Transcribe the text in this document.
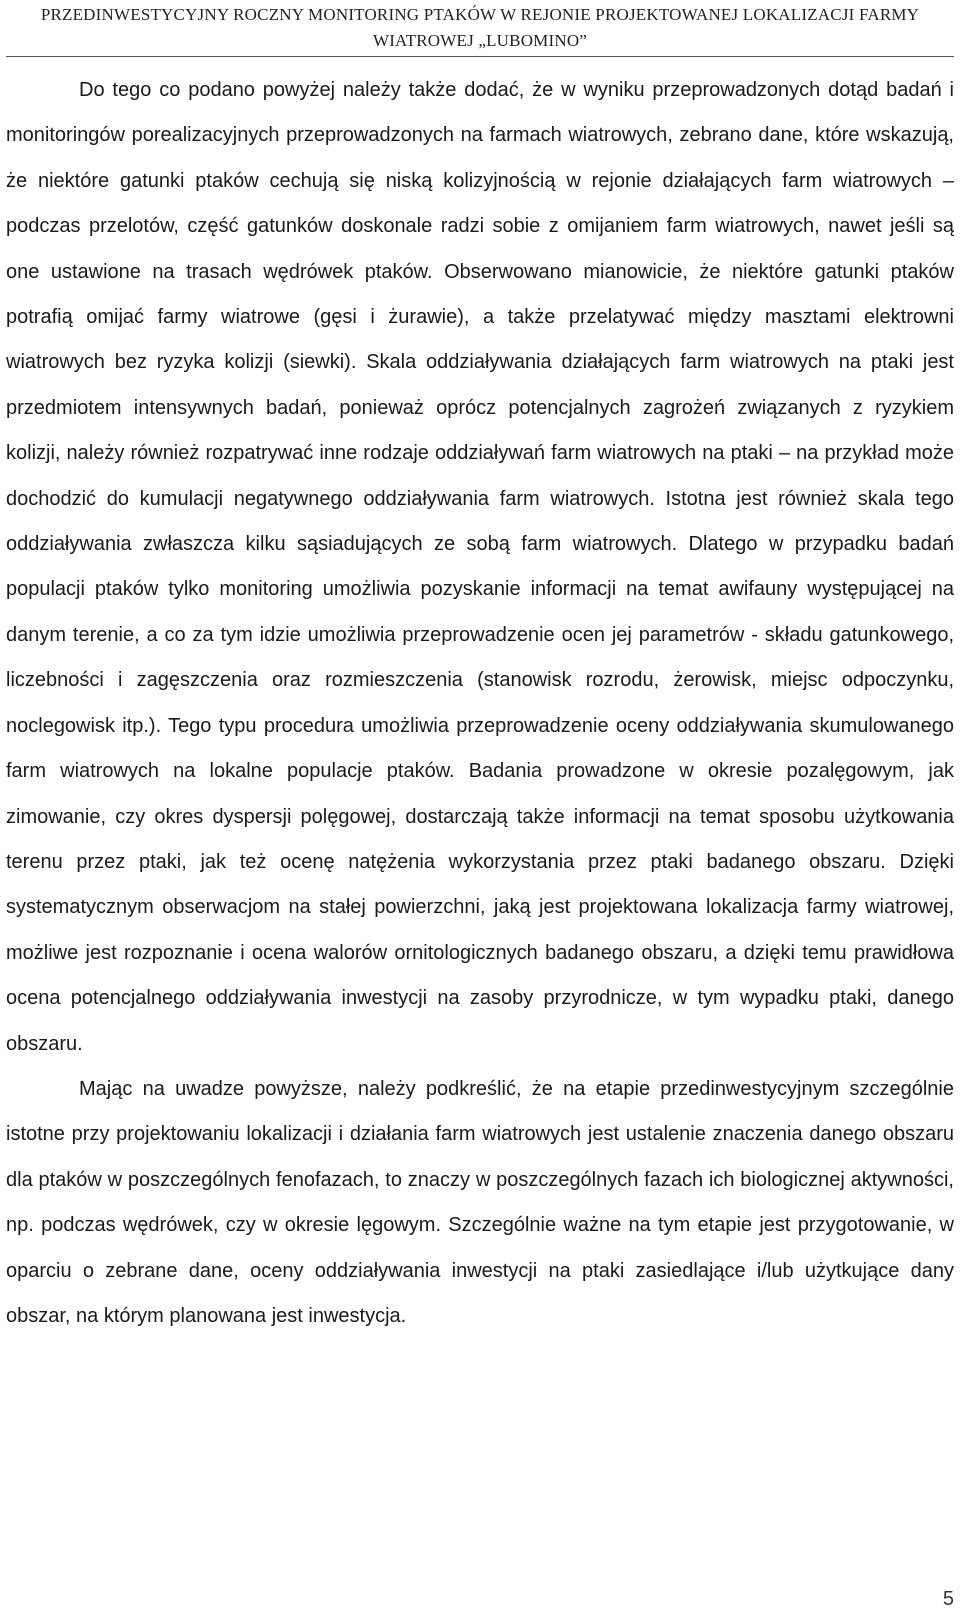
PRZEDINWESTYCYJNY ROCZNY MONITORING PTAKÓW W REJONIE PROJEKTOWANEJ LOKALIZACJI FARMY
WIATROWEJ „LUBOMINO”

Do tego co podano powyżej należy także dodać, że w wyniku przeprowadzonych dotąd badań i monitoringów porealizacyjnych przeprowadzonych na farmach wiatrowych, zebrano dane, które wskazują, że niektóre gatunki ptaków cechują się niską kolizyjnością w rejonie działających farm wiatrowych – podczas przelotów, część gatunków doskonale radzi sobie z omijaniem farm wiatrowych, nawet jeśli są one ustawione na trasach wędrówek ptaków. Obserwowano mianowicie, że niektóre gatunki ptaków potrafią omijać farmy wiatrowe (gęsi i żurawie), a także przelatywać między masztami elektrowni wiatrowych bez ryzyka kolizji (siewki). Skala oddziaływania działających farm wiatrowych na ptaki jest przedmiotem intensywnych badań, ponieważ oprócz potencjalnych zagrożeń związanych z ryzykiem kolizji, należy również rozpatrywać inne rodzaje oddziaływań farm wiatrowych na ptaki – na przykład może dochodzić do kumulacji negatywnego oddziaływania farm wiatrowych. Istotna jest również skala tego oddziaływania zwłaszcza kilku sąsiadujących ze sobą farm wiatrowych. Dlatego w przypadku badań populacji ptaków tylko monitoring umożliwia pozyskanie informacji na temat awifauny występującej na danym terenie, a co za tym idzie umożliwia przeprowadzenie ocen jej parametrów - składu gatunkowego, liczebności i zagęszczenia oraz rozmieszczenia (stanowisk rozrodu, żerowisk, miejsc odpoczynku, noclegowisk itp.). Tego typu procedura umożliwia przeprowadzenie oceny oddziaływania skumulowanego farm wiatrowych na lokalne populacje ptaków. Badania prowadzone w okresie pozalęgowym, jak zimowanie, czy okres dyspersji polęgowej, dostarczają także informacji na temat sposobu użytkowania terenu przez ptaki, jak też ocenę natężenia wykorzystania przez ptaki badanego obszaru. Dzięki systematycznym obserwacjom na stałej powierzchni, jaką jest projektowana lokalizacja farmy wiatrowej, możliwe jest rozpoznanie i ocena walorów ornitologicznych badanego obszaru, a dzięki temu prawidłowa ocena potencjalnego oddziaływania inwestycji na zasoby przyrodnicze, w tym wypadku ptaki, danego obszaru.

Mając na uwadze powyższe, należy podkreślić, że na etapie przedinwestycyjnym szczególnie istotne przy projektowaniu lokalizacji i działania farm wiatrowych jest ustalenie znaczenia danego obszaru dla ptaków w poszczególnych fenofazach, to znaczy w poszczególnych fazach ich biologicznej aktywności, np. podczas wędrówek, czy w okresie lęgowym. Szczególnie ważne na tym etapie jest przygotowanie, w oparciu o zebrane dane, oceny oddziaływania inwestycji na ptaki zasiedlające i/lub użytkujące dany obszar, na którym planowana jest inwestycja.

5
